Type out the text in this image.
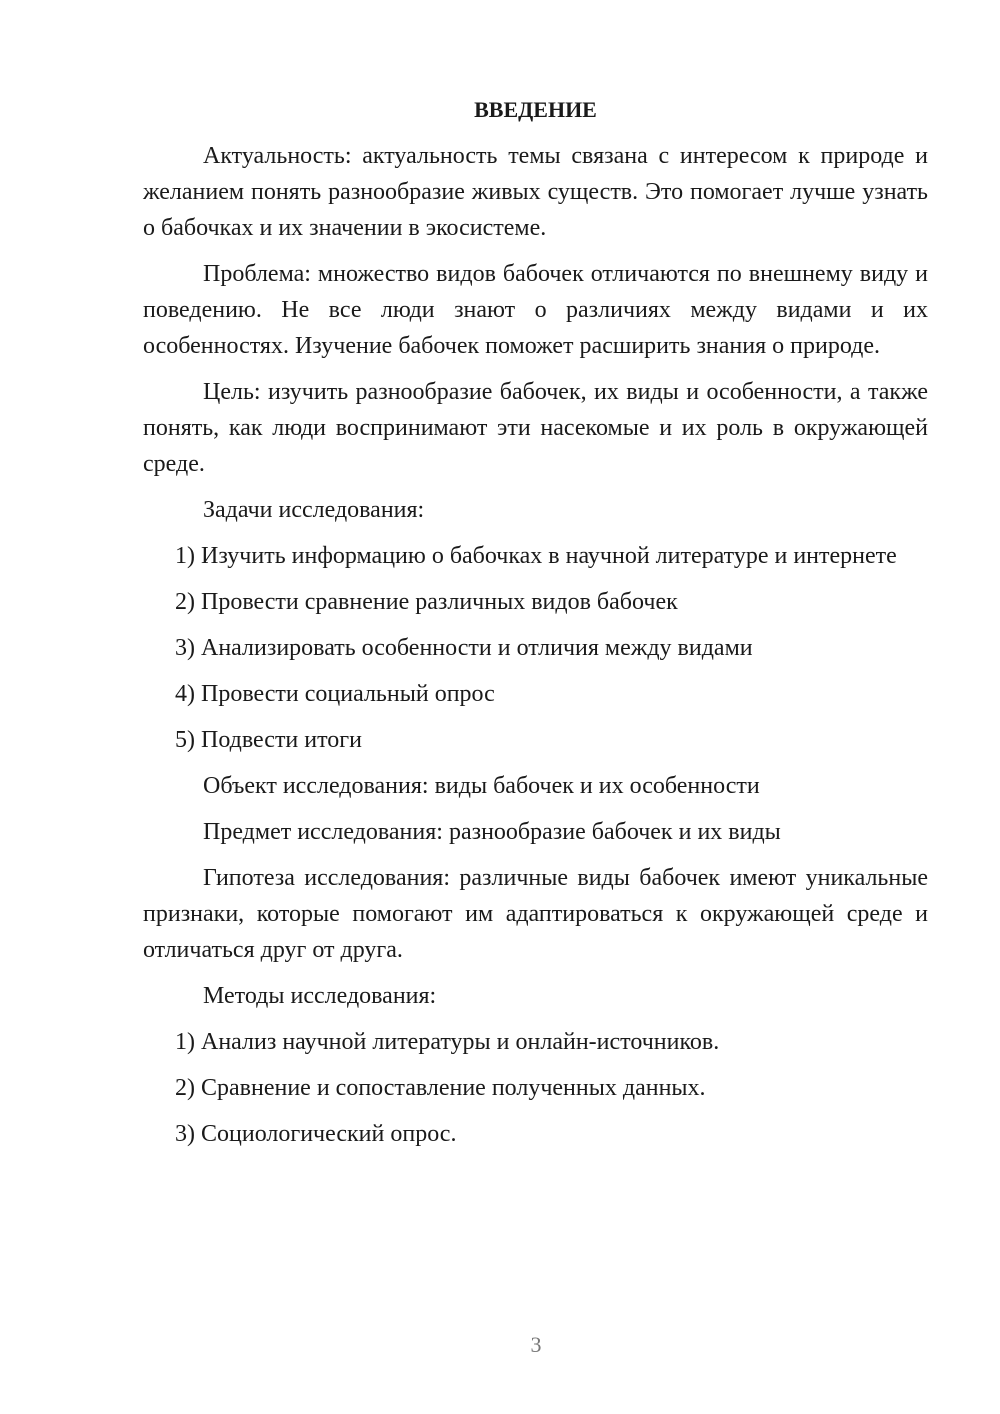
ВВЕДЕНИЕ

Актуальность: актуальность темы связана с интересом к природе и желанием понять разнообразие живых существ. Это помогает лучше узнать о бабочках и их значении в экосистеме.

Проблема: множество видов бабочек отличаются по внешнему виду и поведению. Не все люди знают о различиях между видами и их особенностях. Изучение бабочек поможет расширить знания о природе.

Цель: изучить разнообразие бабочек, их виды и особенности, а также понять, как люди воспринимают эти насекомые и их роль в окружающей среде.

Задачи исследования:

1) Изучить информацию о бабочках в научной литературе и интернете

2) Провести сравнение различных видов бабочек

3) Анализировать особенности и отличия между видами

4) Провести социальный опрос

5) Подвести итоги

Объект исследования: виды бабочек и их особенности

Предмет исследования: разнообразие бабочек и их виды

Гипотеза исследования: различные виды бабочек имеют уникальные признаки, которые помогают им адаптироваться к окружающей среде и отличаться друг от друга.

Методы исследования:

1) Анализ научной литературы и онлайн-источников.

2) Сравнение и сопоставление полученных данных.

3) Социологический опрос.

3
